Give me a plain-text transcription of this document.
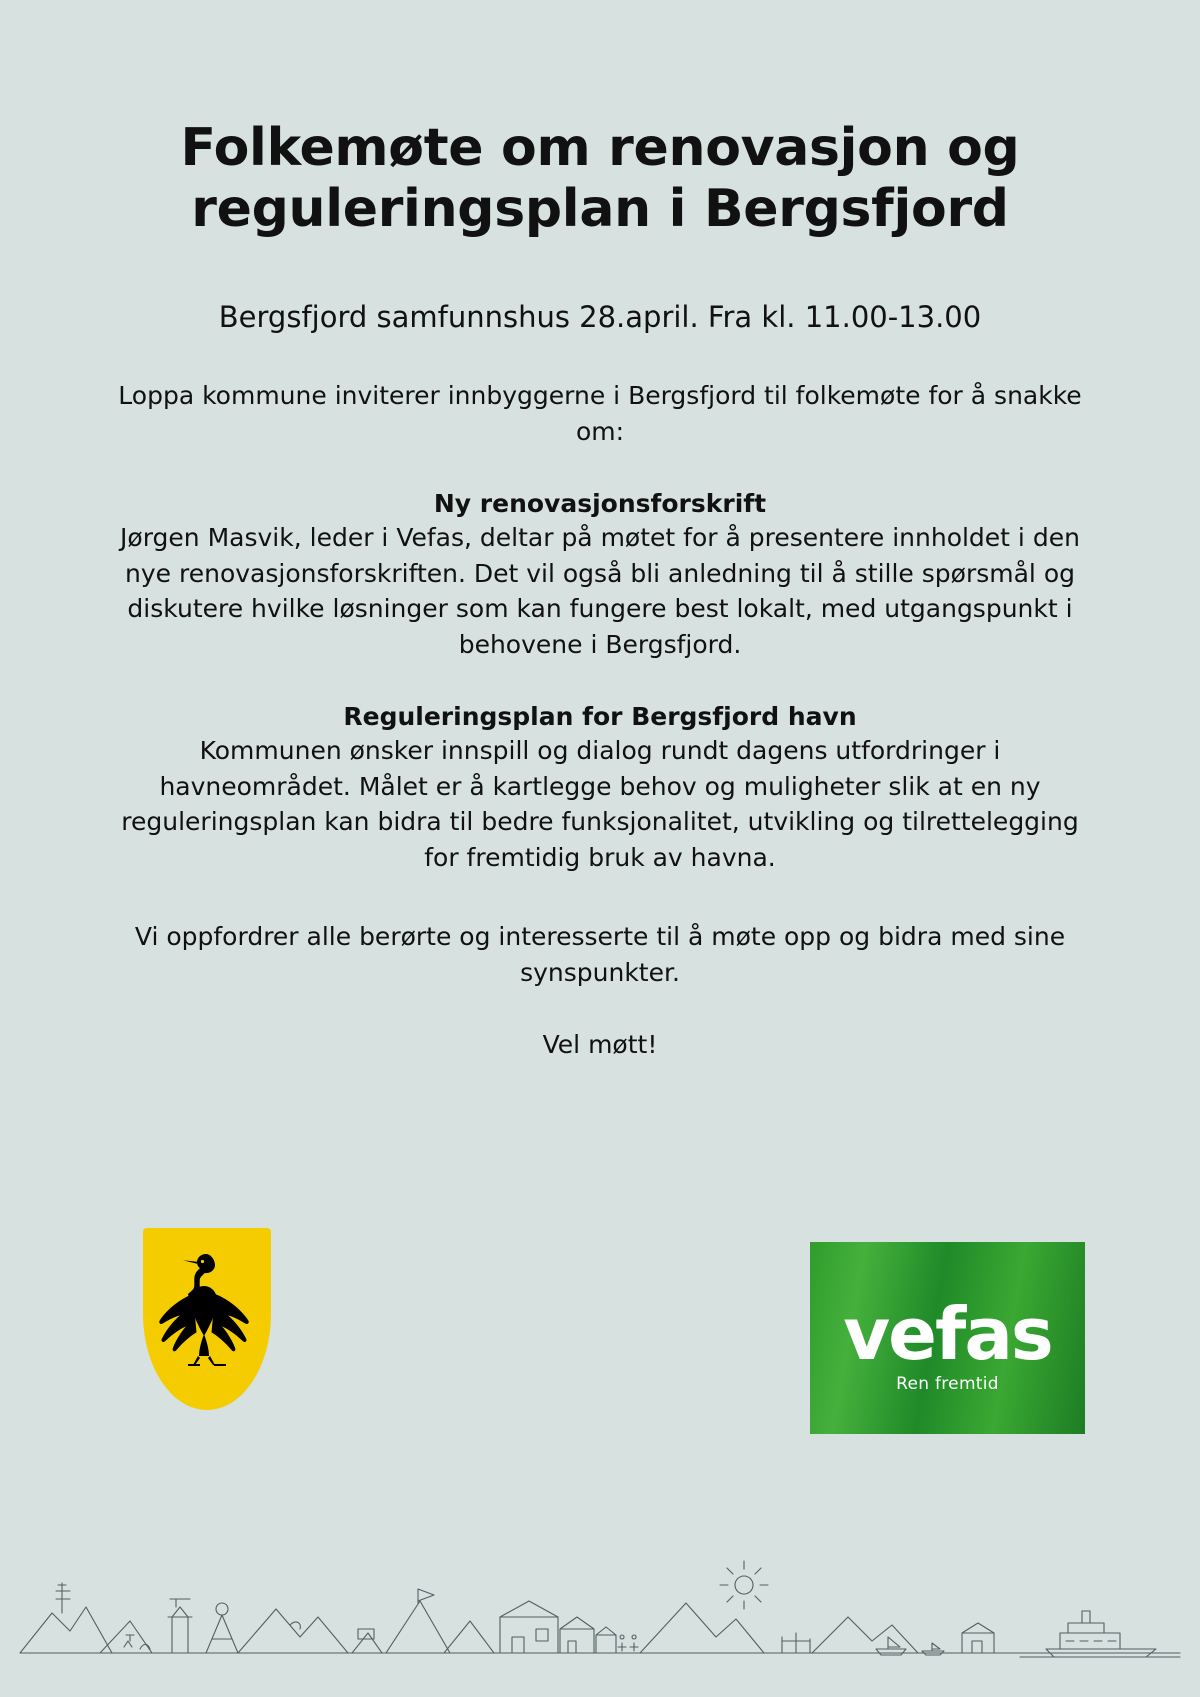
Folkemøte om renovasjon og reguleringsplan i Bergsfjord

Bergsfjord samfunnshus 28.april. Fra kl. 11.00-13.00

Loppa kommune inviterer innbyggerne i Bergsfjord til folkemøte for å snakke om:

Ny renovasjonsforskrift

Jørgen Masvik, leder i Vefas, deltar på møtet for å presentere innholdet i den nye renovasjonsforskriften. Det vil også bli anledning til å stille spørsmål og diskutere hvilke løsninger som kan fungere best lokalt, med utgangspunkt i behovene i Bergsfjord.

Reguleringsplan for Bergsfjord havn

Kommunen ønsker innspill og dialog rundt dagens utfordringer i havneområdet. Målet er å kartlegge behov og muligheter slik at en ny reguleringsplan kan bidra til bedre funksjonalitet, utvikling og tilrettelegging for fremtidig bruk av havna.

Vi oppfordrer alle berørte og interesserte til å møte opp og bidra med sine synspunkter.

Vel møtt!

vefas
Ren fremtid
